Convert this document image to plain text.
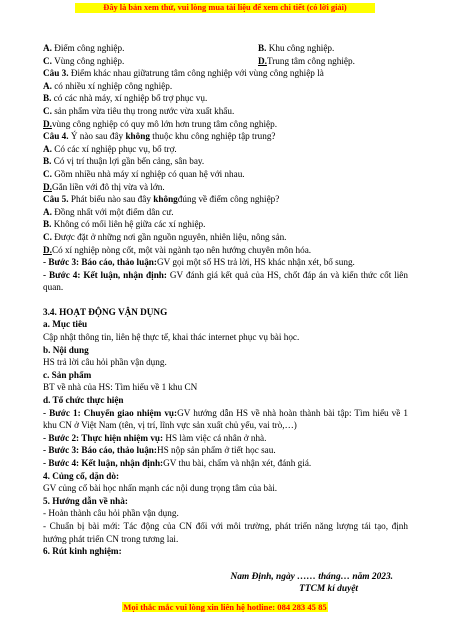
Đây là bản xem thử, vui lòng mua tài liệu để xem chi tiết (có lời giải)
A. Điểm công nghiệp.	B. Khu công nghiệp.
C. Vùng công nghiệp.	D.Trung tâm công nghiệp.
Câu 3. Điểm khác nhau giữatrung tâm công nghiệp với vùng công nghiệp là
A. có nhiều xí nghiệp công nghiệp.
B. có các nhà máy, xí nghiệp bổ trợ phục vụ.
C. sản phẩm vừa tiêu thụ trong nước vừa xuất khẩu.
D.vùng công nghiệp có quy mô lớn hơn trung tâm công nghiệp.
Câu 4. Ý nào sau đây không thuộc khu công nghiệp tập trung?
A. Có các xí nghiệp phục vụ, bổ trợ.
B. Có vị trí thuận lợi gần bến cảng, sân bay.
C. Gồm nhiều nhà máy xí nghiệp có quan hệ với nhau.
D.Gắn liền với đô thị vừa và lớn.
Câu 5. Phát biểu nào sau đây khôngđúng về điểm công nghiệp?
A. Đồng nhất với một điểm dân cư.
B. Không có mối liên hệ giữa các xí nghiệp.
C. Được đặt ở những nơi gần nguồn nguyên, nhiên liệu, nông sản.
D.Có xí nghiệp nòng cốt, một vài ngành tạo nên hướng chuyên môn hóa.
- Bước 3: Báo cáo, thảo luận:GV gọi một số HS trả lời, HS khác nhận xét, bổ sung.
- Bước 4: Kết luận, nhận định: GV đánh giá kết quả của HS, chốt đáp án và kiến thức cốt liên quan.
3.4. HOẠT ĐỘNG VẬN DỤNG
a. Mục tiêu
Cập nhật thông tin, liên hệ thực tế, khai thác internet phục vụ bài học.
b. Nội dung
HS trả lời câu hỏi phần vận dụng.
c. Sản phẩm
BT về nhà của HS: Tìm hiểu về 1 khu CN
d. Tổ chức thực hiện
- Bước 1: Chuyển giao nhiệm vụ:GV hướng dẫn HS về nhà hoàn thành bài tập: Tìm hiểu về 1 khu CN ở Việt Nam (tên, vị trí, lĩnh vực sản xuất chủ yếu, vai trò,…)
- Bước 2: Thực hiện nhiệm vụ: HS làm việc cá nhân ở nhà.
- Bước 3: Báo cáo, thảo luận:HS nộp sản phẩm ở tiết học sau.
- Bước 4: Kết luận, nhận định:GV thu bài, chấm và nhận xét, đánh giá.
4. Củng cố, dặn dò:
GV củng cố bài học nhấn mạnh các nội dung trọng tâm của bài.
5. Hướng dẫn về nhà:
- Hoàn thành câu hỏi phần vận dụng.
- Chuẩn bị bài mới: Tác động của CN đối với môi trường, phát triển năng lượng tái tạo, định hướng phát triển CN trong tương lai.
6. Rút kinh nghiệm:
Nam Định, ngày …… tháng… năm 2023.
TTCM kí duyệt
Mọi thắc mắc vui lòng xin liên hệ hotline: 084 283 45 85
